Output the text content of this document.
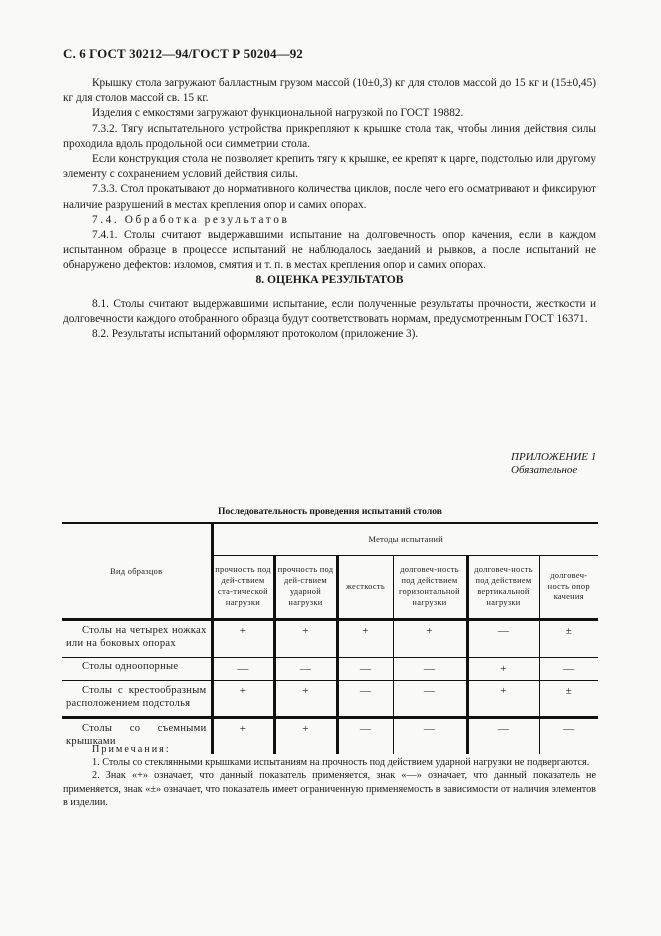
С. 6 ГОСТ 30212—94/ГОСТ Р 50204—92

Крышку стола загружают балластным грузом массой (10±0,3) кг для столов массой до 15 кг и (15±0,45) кг для столов массой св. 15 кг.

Изделия с емкостями загружают функциональной нагрузкой по ГОСТ 19882.

7.3.2. Тягу испытательного устройства прикрепляют к крышке стола так, чтобы линия действия силы проходила вдоль продольной оси симметрии стола.

Если конструкция стола не позволяет крепить тягу к крышке, ее крепят к царге, подстолью или другому элементу с сохранением условий действия силы.

7.3.3. Стол прокатывают до нормативного количества циклов, после чего его осматривают и фиксируют наличие разрушений в местах крепления опор и самих опорах.

7.4. Обработка результатов

7.4.1. Столы считают выдержавшими испытание на долговечность опор качения, если в каждом испытанном образце в процессе испытаний не наблюдалось заеданий и рывков, а после испытаний не обнаружено дефектов: изломов, смятия и т. п. в местах крепления опор и самих опорах.

8. ОЦЕНКА РЕЗУЛЬТАТОВ

8.1. Столы считают выдержавшими испытание, если полученные результаты прочности, жесткости и долговечности каждого отобранного образца будут соответствовать нормам, предусмотренным ГОСТ 16371.

8.2. Результаты испытаний оформляют протоколом (приложение 3).

ПРИЛОЖЕНИЕ 1
Обязательное
Последовательность проведения испытаний столов
Вид образцов	Методы испытаний					
	прочность под дей-ствием ста-тической нагрузки	прочность под дей-ствием ударной нагрузки	жесткость	долговеч-ность под действием горизонтальной нагрузки	долговеч-ность под действием вертикальной нагрузки	долговеч-ность опор качения
Столы на четырех ножках или на боковых опорах	+	+	+	+	—	±
Столы одноопорные	—	—	—	—	+	—
Столы с крестообразным расположением подстолья	+	+	—	—	+	±
Столы со съемными крышками	+	+	—	—	—	—

Примечания:

1. Столы со стеклянными крышками испытаниям на прочность под действием ударной нагрузки не подвергаются.

2. Знак «+» означает, что данный показатель применяется, знак «—» означает, что данный показатель не применяется, знак «±» означает, что показатель имеет ограниченную применяемость в зависимости от наличия элементов в изделии.
